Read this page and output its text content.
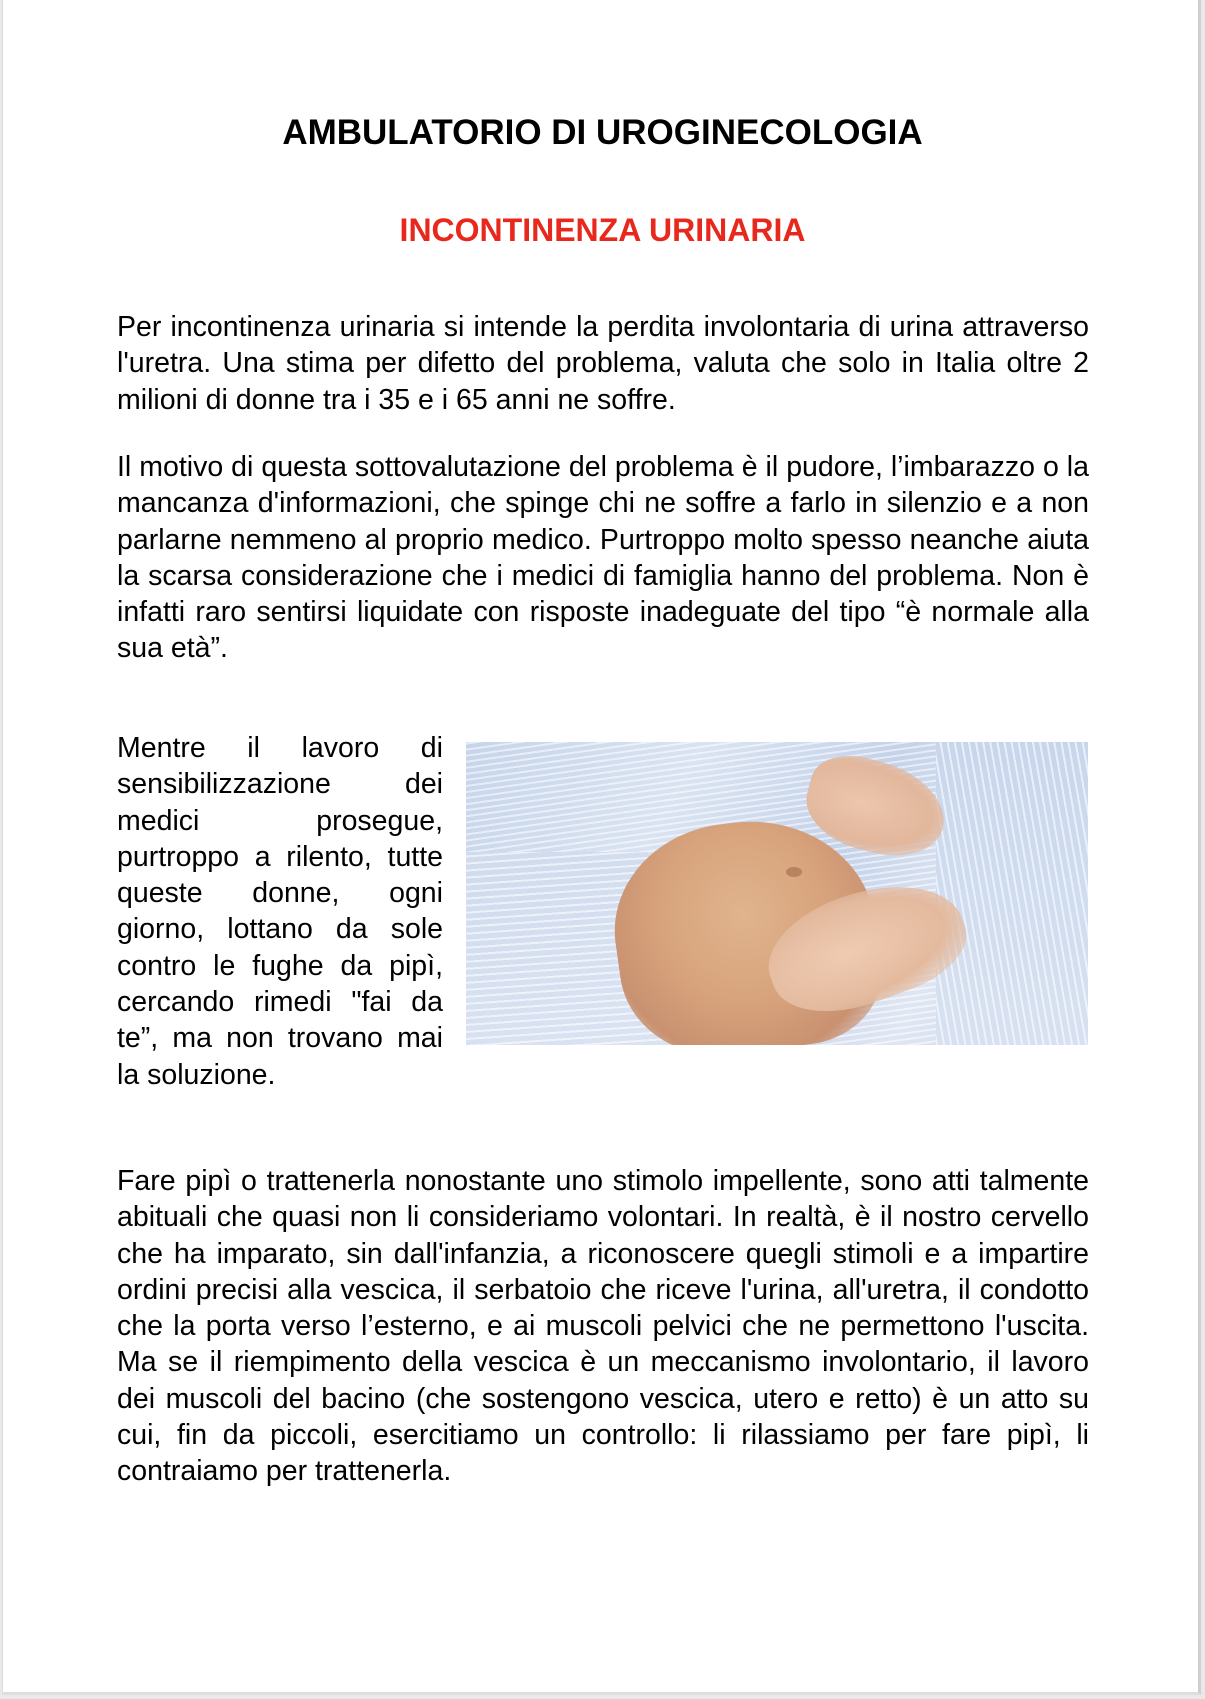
AMBULATORIO DI UROGINECOLOGIA
INCONTINENZA URINARIA

Per incontinenza urinaria si intende la perdita involontaria di urina attraverso l'uretra. Una stima per difetto del problema, valuta che solo in Italia oltre 2 milioni di donne tra i 35 e i 65 anni ne soffre.

Il motivo di questa sottovalutazione del problema è il pudore, l’imbarazzo o la mancanza d'informazioni, che spinge chi ne soffre a farlo in silenzio e a non parlarne nemmeno al proprio medico. Purtroppo molto spesso neanche aiuta la scarsa considerazione che i medici di famiglia hanno del problema. Non è infatti raro sentirsi liquidate con risposte inadeguate del tipo “è normale alla sua età”.

Mentre il lavoro di sensibilizzazione dei medici prosegue, purtroppo a rilento, tutte queste donne, ogni giorno, lottano da sole contro le fughe da pipì, cercando rimedi "fai da te”, ma non trovano mai la soluzione.

Fare pipì o trattenerla nonostante uno stimolo impellente, sono atti talmente abituali che quasi non li consideriamo volontari. In realtà, è il nostro cervello che ha imparato, sin dall'infanzia, a riconoscere quegli stimoli e a impartire ordini precisi alla vescica, il serbatoio che riceve l'urina, all'uretra, il condotto che la porta verso l’esterno, e ai muscoli pelvici che ne permettono l'uscita. Ma se il riempimento della vescica è un meccanismo involontario, il lavoro dei muscoli del bacino (che sostengono vescica, utero e retto) è un atto su cui, fin da piccoli, esercitiamo un controllo: li rilassiamo per fare pipì, li contraiamo per trattenerla.
